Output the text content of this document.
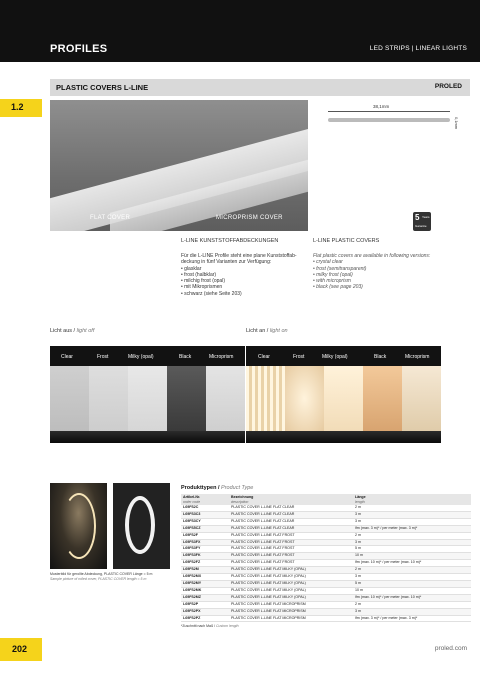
PROFILES	LED STRIPS | LINEAR LIGHTS
1.2
PLASTIC COVERS L-LINE	PROLED
FLAT COVER	MICROPRISM COVER
38,1mm
0,1mm
5 Years
Garantie
L-LINE KUNSTSTOFFABDECKUNGEN	L-LINE PLASTIC COVERS

Für die L-LINE Profile steht eine plane Kunststoffab-deckung in fünf Varianten zur Verfügung:

• glasklar
• frost (halbklar)
• milchig frost (opal)
• mit Mikroprismen
• schwarz (siehe Seite 203)

Flat plastic covers are available in following versions:

• crystal clear
• frost (semitransparent)
• milky frost (opal)
• with microprism
• black (see page 203)
Licht aus / light off	Licht an / light on
Clear	Frost	Milky (opal)	Black	Microprism	Clear	Frost	Milky (opal)	Black	Microprism
Musterbild für gerollte Abdeckung, PLASTIC COVER Länge = 5 m
Sample picture of rolled cover, PLASTIC COVER length = 5 m
Produkttypen / Product Type
Artikel-Nr.
order code	Bezeichnung
description	Länge
length

L69FS2C	PLASTIC COVER L-LINE FLAT CLEAR	2 m
L69FS3C3	PLASTIC COVER L-LINE FLAT CLEAR	3 m
L69FS3CY	PLASTIC COVER L-LINE FLAT CLEAR	3 m
L69FS5CZ	PLASTIC COVER L-LINE FLAT CLEAR	lfm (max. 3 m)* / per meter (max. 3 m)*
L69FS2F	PLASTIC COVER L-LINE FLAT FROST	2 m
L69FS3FX	PLASTIC COVER L-LINE FLAT FROST	3 m
L69FS3FY	PLASTIC COVER L-LINE FLAT FROST	5 m
L69FS3FK	PLASTIC COVER L-LINE FLAT FROST	10 m
L69FS2FZ	PLASTIC COVER L-LINE FLAT FROST	lfm (max. 10 m)* / per meter (max. 10 m)*
L69FS2M	PLASTIC COVER L-LINE FLAT MILKY (OPAL)	2 m
L69FS2MX	PLASTIC COVER L-LINE FLAT MILKY (OPAL)	3 m
L69FS2MY	PLASTIC COVER L-LINE FLAT MILKY (OPAL)	5 m
L69FS2MK	PLASTIC COVER L-LINE FLAT MILKY (OPAL)	10 m
L69FS2MZ	PLASTIC COVER L-LINE FLAT MILKY (OPAL)	lfm (max. 10 m)* / per meter (max. 10 m)*
L69FS2P	PLASTIC COVER L-LINE FLAT MICROPRISM	2 m
L69FS2PX	PLASTIC COVER L-LINE FLAT MICROPRISM	3 m
L69FS2PZ	PLASTIC COVER L-LINE FLAT MICROPRISM	lfm (max. 3 m)* / per meter (max. 3 m)*
*Zuschnitt nach Maß / Custom length
202	proled.com
